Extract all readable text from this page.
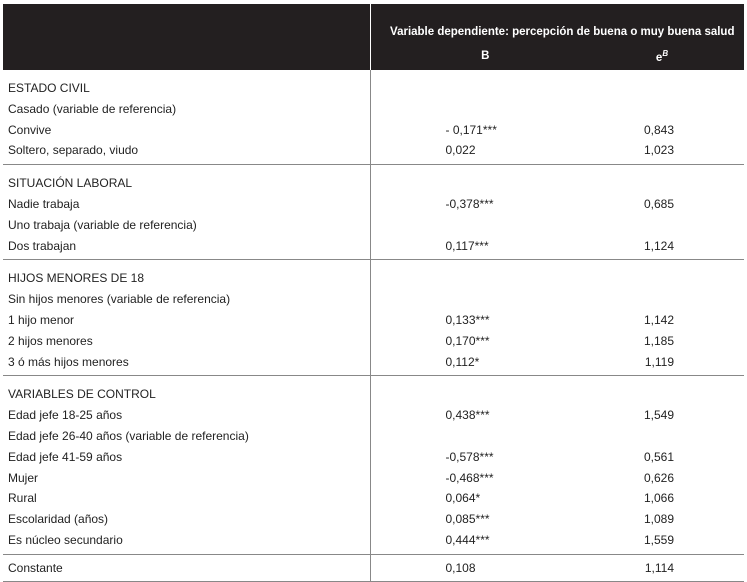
	Variable dependiente: percepción de buena o muy buena salud	
	B	$e^B$
ESTADO CIVIL		
Casado (variable de referencia)		
Convive	- 0,171***	0,843
Soltero, separado, viudo	0,022	1,023
SITUACIÓN LABORAL		
Nadie trabaja	-0,378***	0,685
Uno trabaja (variable de referencia)		
Dos trabajan	0,117***	1,124
HIJOS MENORES DE 18		
Sin hijos menores (variable de referencia)		
1 hijo menor	0,133***	1,142
2 hijos menores	0,170***	1,185
3 ó más hijos menores	0,112*	1,119
VARIABLES DE CONTROL		
Edad jefe 18-25 años	0,438***	1,549
Edad jefe 26-40 años (variable de referencia)		
Edad jefe 41-59 años	-0,578***	0,561
Mujer	-0,468***	0,626
Rural	0,064*	1,066
Escolaridad (años)	0,085***	1,089
Es núcleo secundario	0,444***	1,559
Constante	0,108	1,114
